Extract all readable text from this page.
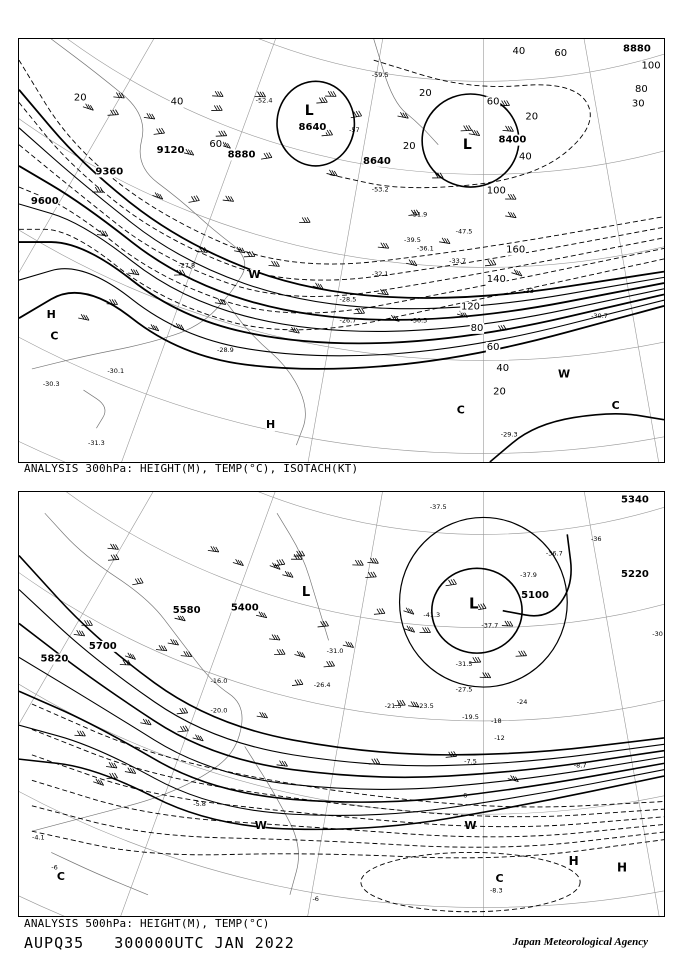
8880
8640
8640
8400
8880
9120
9360
9600
20	40
60
20
20
60
40	60
20
40
80
100
30
100
160
140
120
80
60
40
20
-59.5
-52.4
-57
-53.2
-51.9
-47.5
-39.5
-36.1
-33.7
-32.1
-28.5
-30.5
-26.7
-27.8
-28.9
-30.1
-30.3
-31.3
-29.3
-33
-30.7
L
L
H
C
H
W
C
W
C
ANALYSIS 300hPa: HEIGHT(M), TEMP(°C), ISOTACH(KT)
5340
5220
5100
5400
5580
5700
5820
-36
-30
-24
-18
-12
-6
-6
-6
-37.5
-36.7
-37.9
-41.3
-37.7
-31.5
-27.5
-23.5
-19.5
-21.5
-31.0
-26.4
-16.0
-20.0
-7.5
-8.7
-5.8
-8.3
-4.1
L
L
W	W
C	C
H	H
ANALYSIS 500hPa: HEIGHT(M), TEMP(°C)
AUPQ35 300000UTC JAN 2022	Japan Meteorological Agency
